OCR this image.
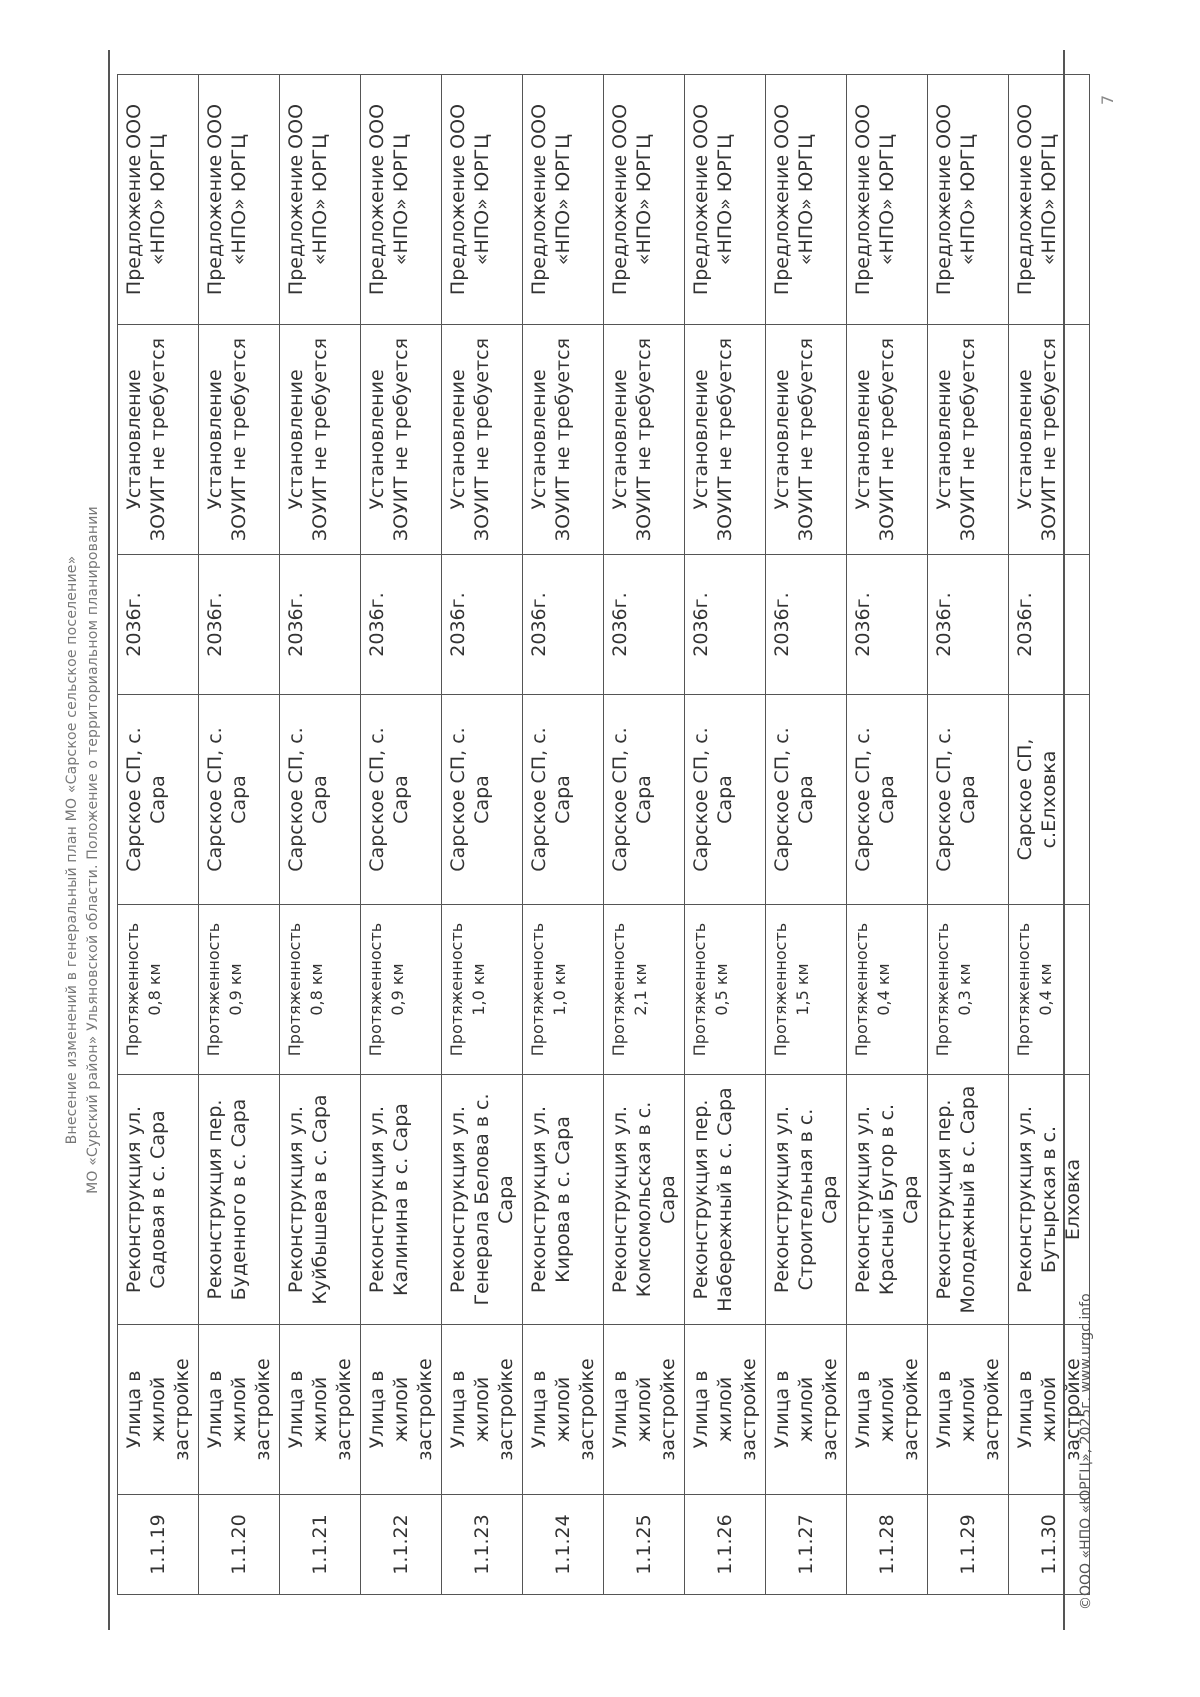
Внесение изменений в генеральный план МО «Сарское сельское поселение» МО «Сурский район» Ульяновской области. Положение о территориальном планировании
1.1.19	Улица в жилой застройке	Реконструкция ул. Садовая в с. Сара	Протяженность 0,8 км	Сарское СП, с. Сара	2036г.	Установление ЗОУИТ не требуется	Предложение ООО «НПО» ЮРГЦ
1.1.20	Улица в жилой застройке	Реконструкция пер. Буденного в с. Сара	Протяженность 0,9 км	Сарское СП, с. Сара	2036г.	Установление ЗОУИТ не требуется	Предложение ООО «НПО» ЮРГЦ
1.1.21	Улица в жилой застройке	Реконструкция ул. Куйбышева в с. Сара	Протяженность 0,8 км	Сарское СП, с. Сара	2036г.	Установление ЗОУИТ не требуется	Предложение ООО «НПО» ЮРГЦ
1.1.22	Улица в жилой застройке	Реконструкция ул. Калинина в с. Сара	Протяженность 0,9 км	Сарское СП, с. Сара	2036г.	Установление ЗОУИТ не требуется	Предложение ООО «НПО» ЮРГЦ
1.1.23	Улица в жилой застройке	Реконструкция ул. Генерала Белова в с. Сара	Протяженность 1,0 км	Сарское СП, с. Сара	2036г.	Установление ЗОУИТ не требуется	Предложение ООО «НПО» ЮРГЦ
1.1.24	Улица в жилой застройке	Реконструкция ул. Кирова в с. Сара	Протяженность 1,0 км	Сарское СП, с. Сара	2036г.	Установление ЗОУИТ не требуется	Предложение ООО «НПО» ЮРГЦ
1.1.25	Улица в жилой застройке	Реконструкция ул. Комсомольская в с. Сара	Протяженность 2,1 км	Сарское СП, с. Сара	2036г.	Установление ЗОУИТ не требуется	Предложение ООО «НПО» ЮРГЦ
1.1.26	Улица в жилой застройке	Реконструкция пер. Набережный в с. Сара	Протяженность 0,5 км	Сарское СП, с. Сара	2036г.	Установление ЗОУИТ не требуется	Предложение ООО «НПО» ЮРГЦ
1.1.27	Улица в жилой застройке	Реконструкция ул. Строительная в с. Сара	Протяженность 1,5 км	Сарское СП, с. Сара	2036г.	Установление ЗОУИТ не требуется	Предложение ООО «НПО» ЮРГЦ
1.1.28	Улица в жилой застройке	Реконструкция ул. Красный Бугор в с. Сара	Протяженность 0,4 км	Сарское СП, с. Сара	2036г.	Установление ЗОУИТ не требуется	Предложение ООО «НПО» ЮРГЦ
1.1.29	Улица в жилой застройке	Реконструкция пер. Молодежный в с. Сара	Протяженность 0,3 км	Сарское СП, с. Сара	2036г.	Установление ЗОУИТ не требуется	Предложение ООО «НПО» ЮРГЦ
1.1.30	Улица в жилой застройке	Реконструкция ул. Бутырская в с. Елховка	Протяженность 0,4 км	Сарское СП, с.Елховка	2036г.	Установление ЗОУИТ не требуется	Предложение ООО «НПО» ЮРГЦ
©ООО «НПО «ЮРГЦ», 2025г. www.urgc.info
7
